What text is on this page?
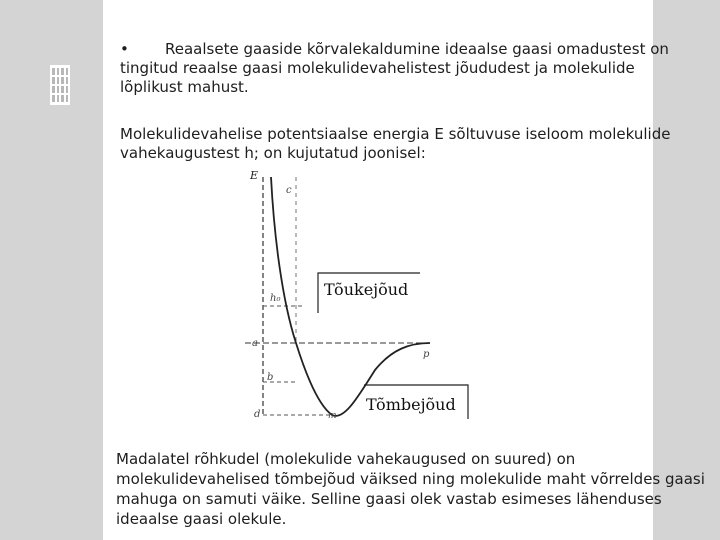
• Reaalsete gaaside kõrvalekaldumine ideaalse gaasi omadustest on tingitud reaalse gaasi molekulidevahelistest jõududest ja molekulide lõplikust mahust.
Molekulidevahelise potentsiaalse energia E sõltuvuse iseloom molekulide vahekaugustest h; on kujutatud joonisel:
E
c
h₀
a
p
b
d	m
Tõukejõud
Tõmbejõud
Madalatel rõhkudel (molekulide vahekaugused on suured) on molekulidevahelised tõmbejõud väiksed ning molekulide maht võrreldes gaasi mahuga on samuti väike. Selline gaasi olek vastab esimeses lähenduses ideaalse gaasi olekule.
